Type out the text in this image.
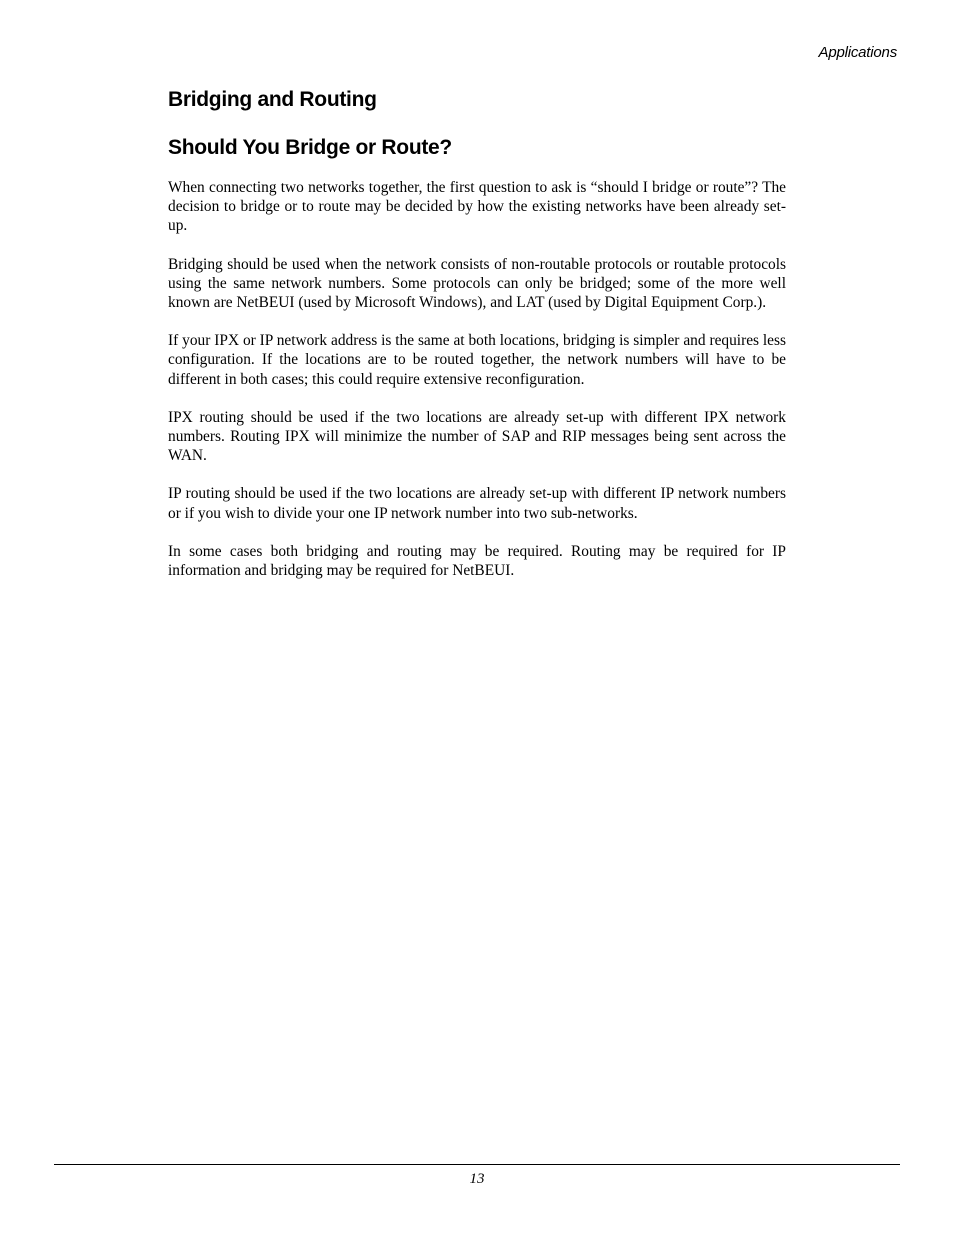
Applications
Bridging and Routing
Should You Bridge or Route?

When connecting two networks together, the first question to ask is “should I bridge or route”? The decision to bridge or to route may be decided by how the existing networks have been already set-up.

Bridging should be used when the network consists of non-routable protocols or routable protocols using the same network numbers. Some protocols can only be bridged; some of the more well known are NetBEUI (used by Microsoft Windows), and LAT (used by Digital Equipment Corp.).

If your IPX or IP network address is the same at both locations, bridging is simpler and requires less configuration. If the locations are to be routed together, the network numbers will have to be different in both cases; this could require extensive reconfiguration.

IPX routing should be used if the two locations are already set-up with different IPX network numbers. Routing IPX will minimize the number of SAP and RIP messages being sent across the WAN.

IP routing should be used if the two locations are already set-up with different IP network numbers or if you wish to divide your one IP network number into two sub-networks.

In some cases both bridging and routing may be required. Routing may be required for IP information and bridging may be required for NetBEUI.

13
